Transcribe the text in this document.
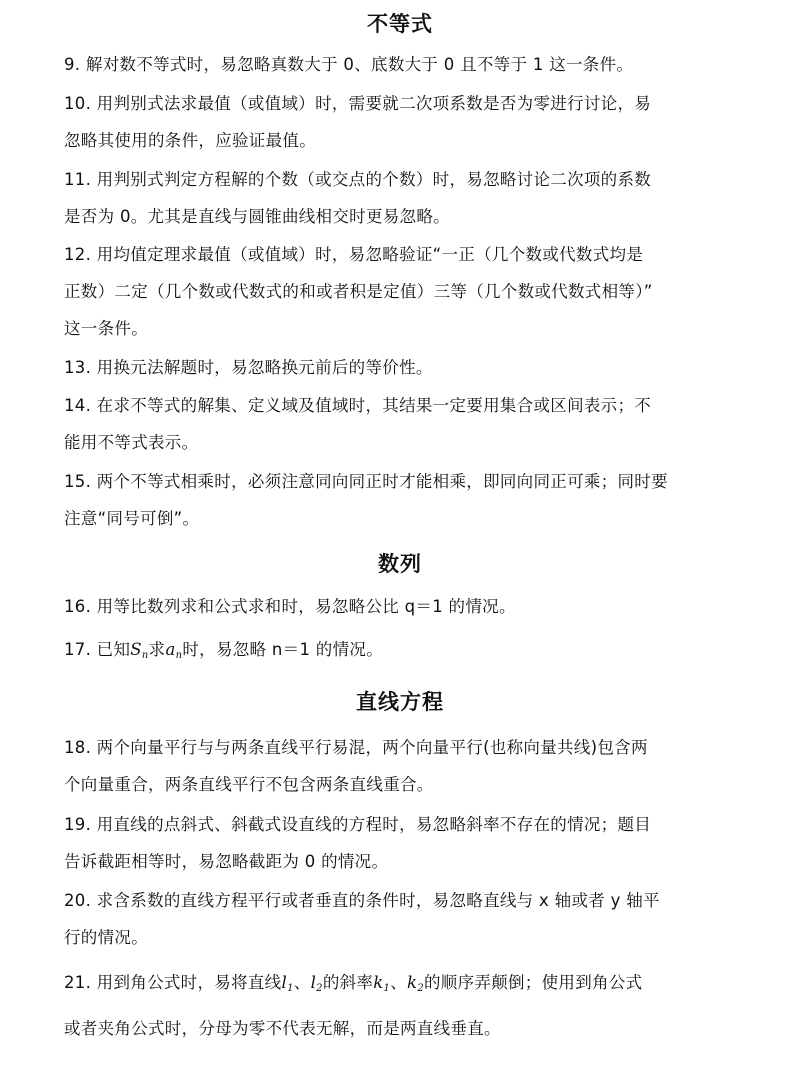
不等式
9. 解对数不等式时，易忽略真数大于 0、底数大于 0 且不等于 1 这一条件。
10. 用判别式法求最值（或值域）时，需要就二次项系数是否为零进行讨论，易
忽略其使用的条件，应验证最值。
11. 用判别式判定方程解的个数（或交点的个数）时，易忽略讨论二次项的系数
是否为 0。尤其是直线与圆锥曲线相交时更易忽略。
12. 用均值定理求最值（或值域）时，易忽略验证“一正（几个数或代数式均是
正数）二定（几个数或代数式的和或者积是定值）三等（几个数或代数式相等）”
这一条件。
13. 用换元法解题时，易忽略换元前后的等价性。
14. 在求不等式的解集、定义域及值域时，其结果一定要用集合或区间表示；不
能用不等式表示。
15. 两个不等式相乘时，必须注意同向同正时才能相乘，即同向同正可乘；同时要
注意“同号可倒”。
数列
16. 用等比数列求和公式求和时，易忽略公比 q＝1 的情况。
17. 已知$S_n$求$a_n$时，易忽略 n＝1 的情况。
直线方程
18. 两个向量平行与与两条直线平行易混，两个向量平行(也称向量共线)包含两
个向量重合，两条直线平行不包含两条直线重合。
19. 用直线的点斜式、斜截式设直线的方程时，易忽略斜率不存在的情况；题目
告诉截距相等时，易忽略截距为 0 的情况。
20. 求含系数的直线方程平行或者垂直的条件时，易忽略直线与 x 轴或者 y 轴平
行的情况。
21. 用到角公式时，易将直线$l_1$、$l_2$的斜率$k_1$、$k_2$的顺序弄颠倒；使用到角公式
或者夹角公式时，分母为零不代表无解，而是两直线垂直。
